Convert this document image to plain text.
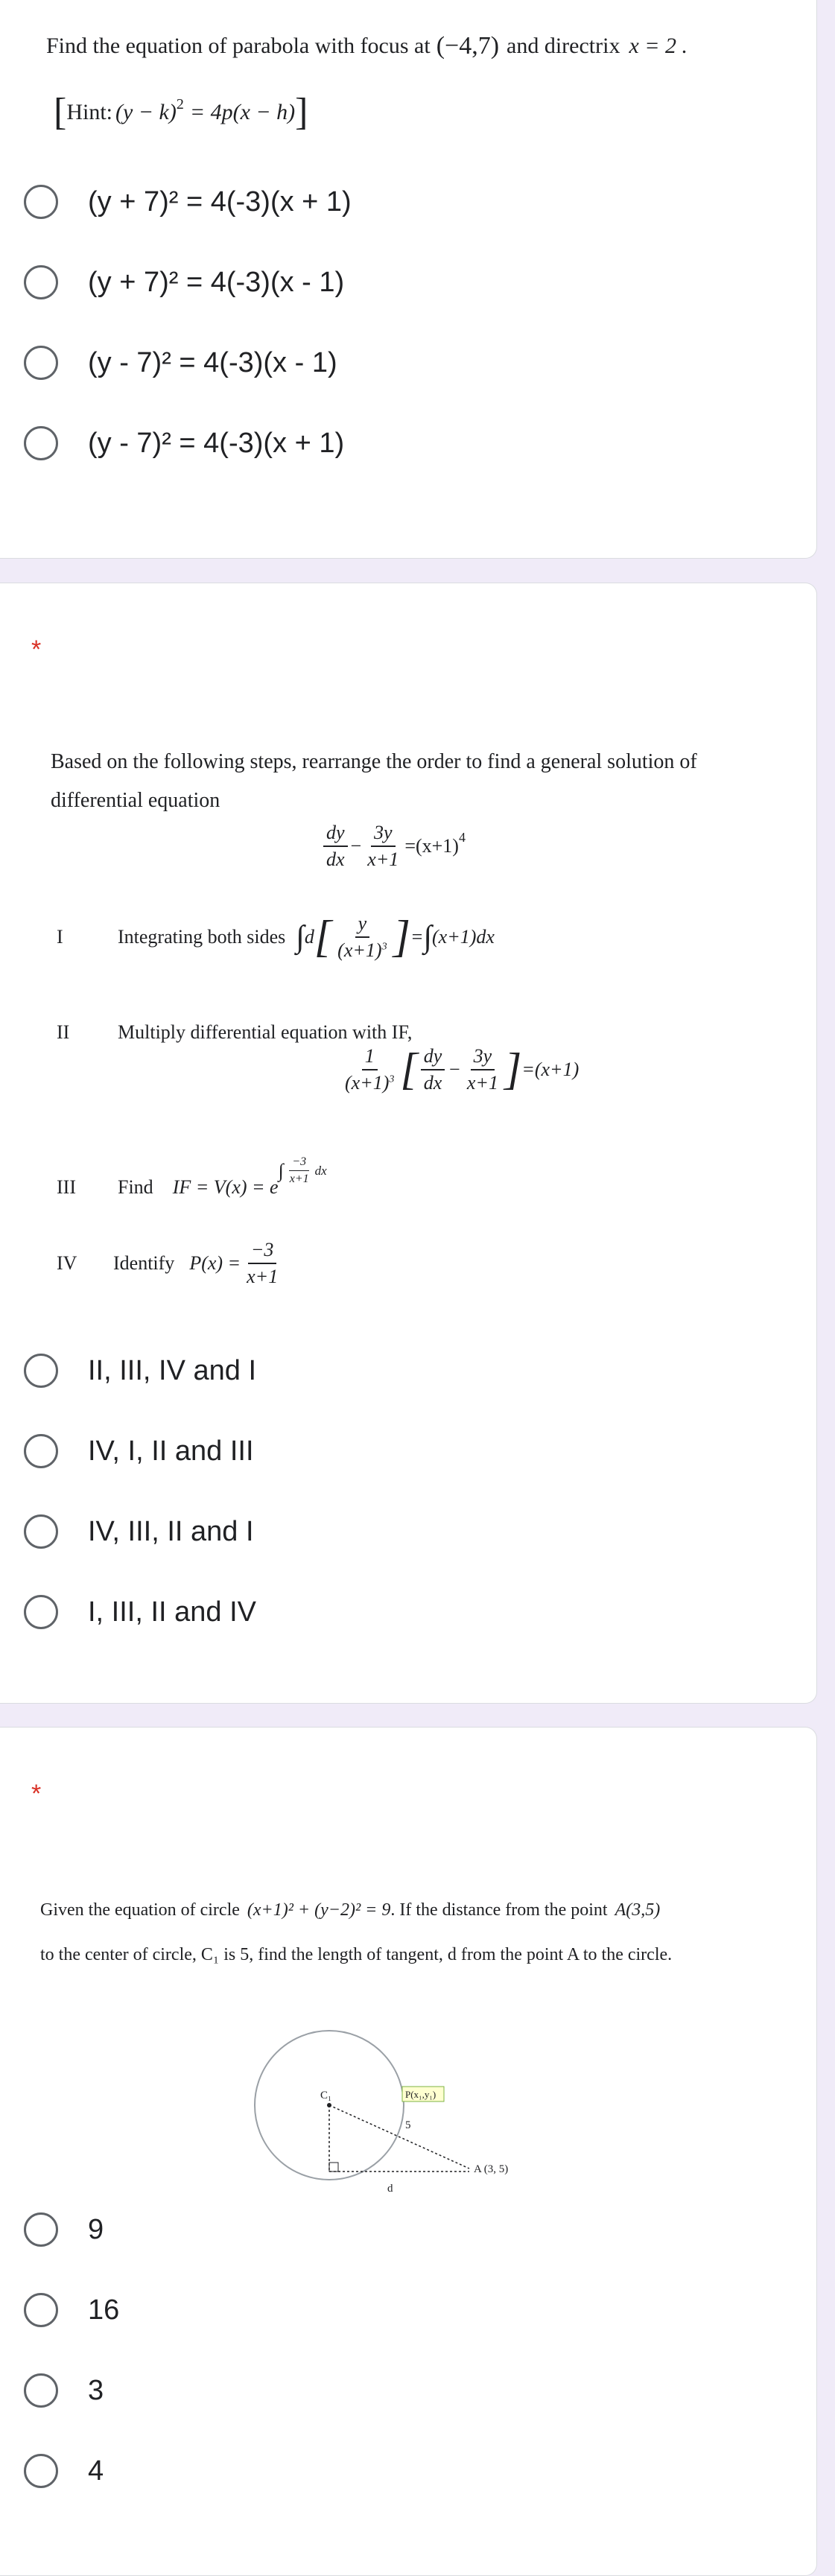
Find the equation of parabola with focus at (−4,7) and directrix x = 2 .
[ Hint: $(y - k)^2 = 4p(x - h)$ ]
(y + 7)² = 4(-3)(x + 1)
(y + 7)² = 4(-3)(x - 1)
(y - 7)² = 4(-3)(x - 1)
(y - 7)² = 4(-3)(x + 1)
*
Based on the following steps, rearrange the order to find a general solution of
differential equation
$\frac{dy}{dx} - \frac{3y}{x+1} =(x+1)^4$
I	Integrating both sides ∫ d [ $\frac{y}{(x+1)^3}$ ] = ∫ (x+1)dx
II	Multiply differential equation with IF,
$\frac{1}{(x+1)^3}$ [ $\frac{dy}{dx} - \frac{3y}{x+1}$ ] =(x+1)
III	Find IF = V(x) = e
∫ $\frac{-3}{x+1}$ dx
IV	Identify $P(x) = \frac{-3}{x+1}$
II, III, IV and I
IV, I, II and III
IV, III, II and I
I, III, II and IV
*
Given the equation of circle (x+1)² + (y−2)² = 9 . If the distance from the point A(3,5)
to the center of circle, C₁ is 5, find the length of tangent, d from the point A to the circle.
C₁	P(x₁,y₁)
5
A (3, 5)
d
9
16
3
4
